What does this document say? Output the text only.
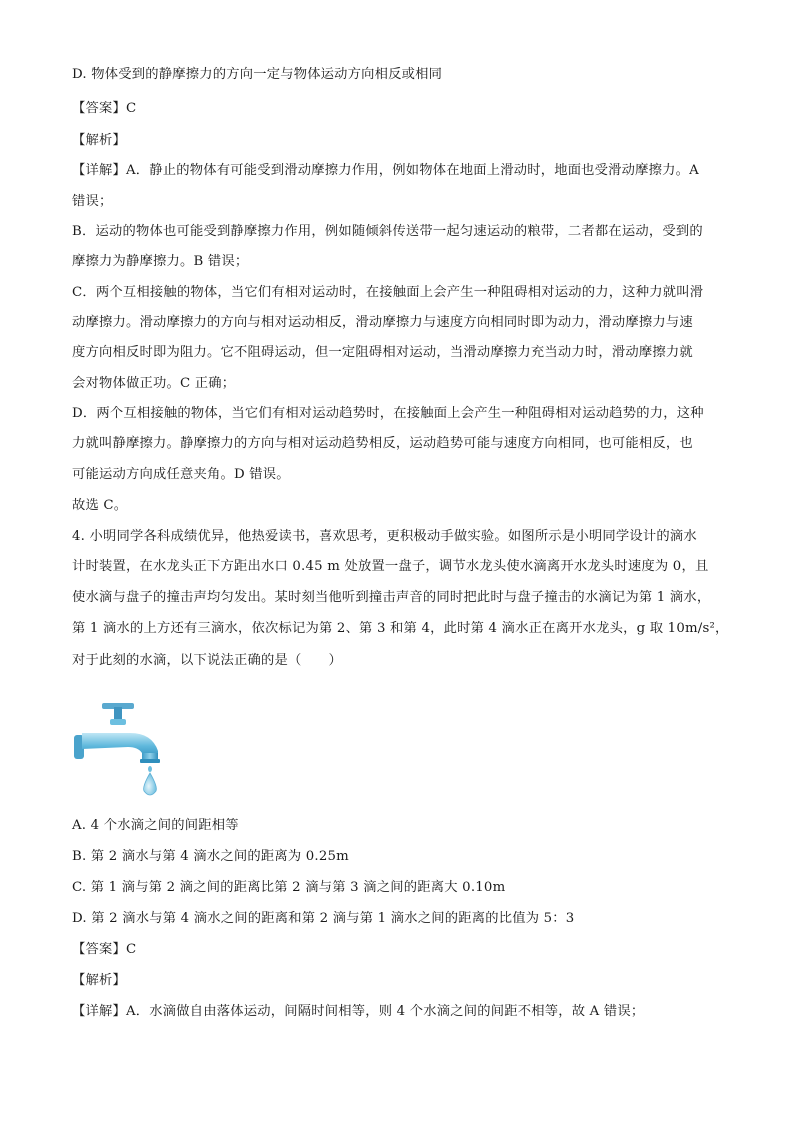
D. 物体受到的静摩擦力的方向一定与物体运动方向相反或相同
【答案】C
【解析】
【详解】A．静止的物体有可能受到滑动摩擦力作用，例如物体在地面上滑动时，地面也受滑动摩擦力。A
错误；
B．运动的物体也可能受到静摩擦力作用，例如随倾斜传送带一起匀速运动的粮带，二者都在运动，受到的
摩擦力为静摩擦力。B 错误；
C．两个互相接触的物体，当它们有相对运动时，在接触面上会产生一种阻碍相对运动的力，这种力就叫滑
动摩擦力。滑动摩擦力的方向与相对运动相反，滑动摩擦力与速度方向相同时即为动力，滑动摩擦力与速
度方向相反时即为阻力。它不阻碍运动，但一定阻碍相对运动，当滑动摩擦力充当动力时，滑动摩擦力就
会对物体做正功。C 正确；
D．两个互相接触的物体，当它们有相对运动趋势时，在接触面上会产生一种阻碍相对运动趋势的力，这种
力就叫静摩擦力。静摩擦力的方向与相对运动趋势相反，运动趋势可能与速度方向相同，也可能相反，也
可能运动方向成任意夹角。D 错误。
故选 C。
4. 小明同学各科成绩优异，他热爱读书，喜欢思考，更积极动手做实验。如图所示是小明同学设计的滴水
计时装置，在水龙头正下方距出水口 0.45 m 处放置一盘子，调节水龙头使水滴离开水龙头时速度为 0，且
使水滴与盘子的撞击声均匀发出。某时刻当他听到撞击声音的同时把此时与盘子撞击的水滴记为第 1 滴水，
第 1 滴水的上方还有三滴水，依次标记为第 2、第 3 和第 4，此时第 4 滴水正在离开水龙头，g 取 10m/s²，
对于此刻的水滴，以下说法正确的是（　　）
A. 4 个水滴之间的间距相等
B. 第 2 滴水与第 4 滴水之间的距离为 0.25m
C. 第 1 滴与第 2 滴之间的距离比第 2 滴与第 3 滴之间的距离大 0.10m
D. 第 2 滴水与第 4 滴水之间的距离和第 2 滴与第 1 滴水之间的距离的比值为 5：3
【答案】C
【解析】
【详解】A．水滴做自由落体运动，间隔时间相等，则 4 个水滴之间的间距不相等，故 A 错误；
